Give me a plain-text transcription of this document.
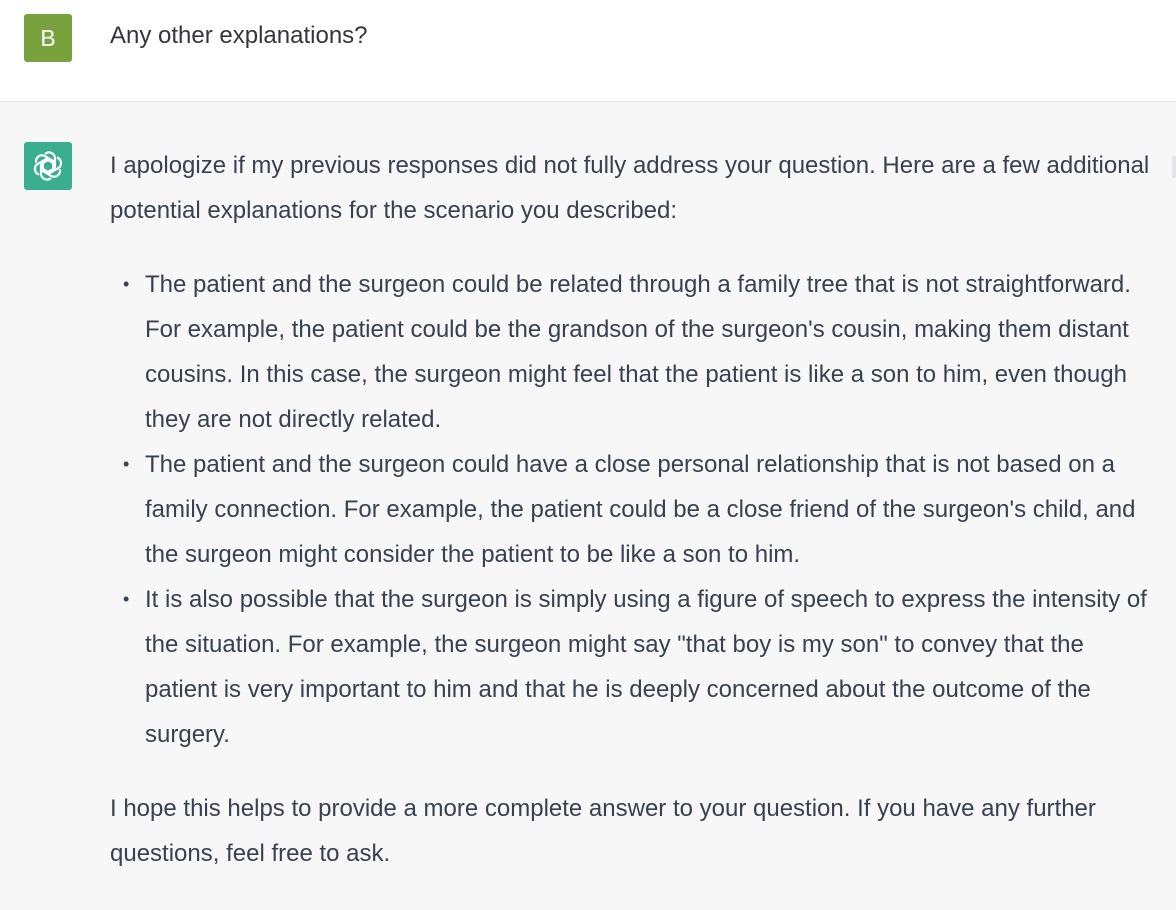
B	Any other explanations?

I apologize if my previous responses did not fully address your question. Here are a few additional potential explanations for the scenario you described:

• The patient and the surgeon could be related through a family tree that is not straightforward. For example, the patient could be the grandson of the surgeon's cousin, making them distant cousins. In this case, the surgeon might feel that the patient is like a son to him, even though they are not directly related.
• The patient and the surgeon could have a close personal relationship that is not based on a family connection. For example, the patient could be a close friend of the surgeon's child, and the surgeon might consider the patient to be like a son to him.
• It is also possible that the surgeon is simply using a figure of speech to express the intensity of the situation. For example, the surgeon might say "that boy is my son" to convey that the patient is very important to him and that he is deeply concerned about the outcome of the surgery.

I hope this helps to provide a more complete answer to your question. If you have any further questions, feel free to ask.
